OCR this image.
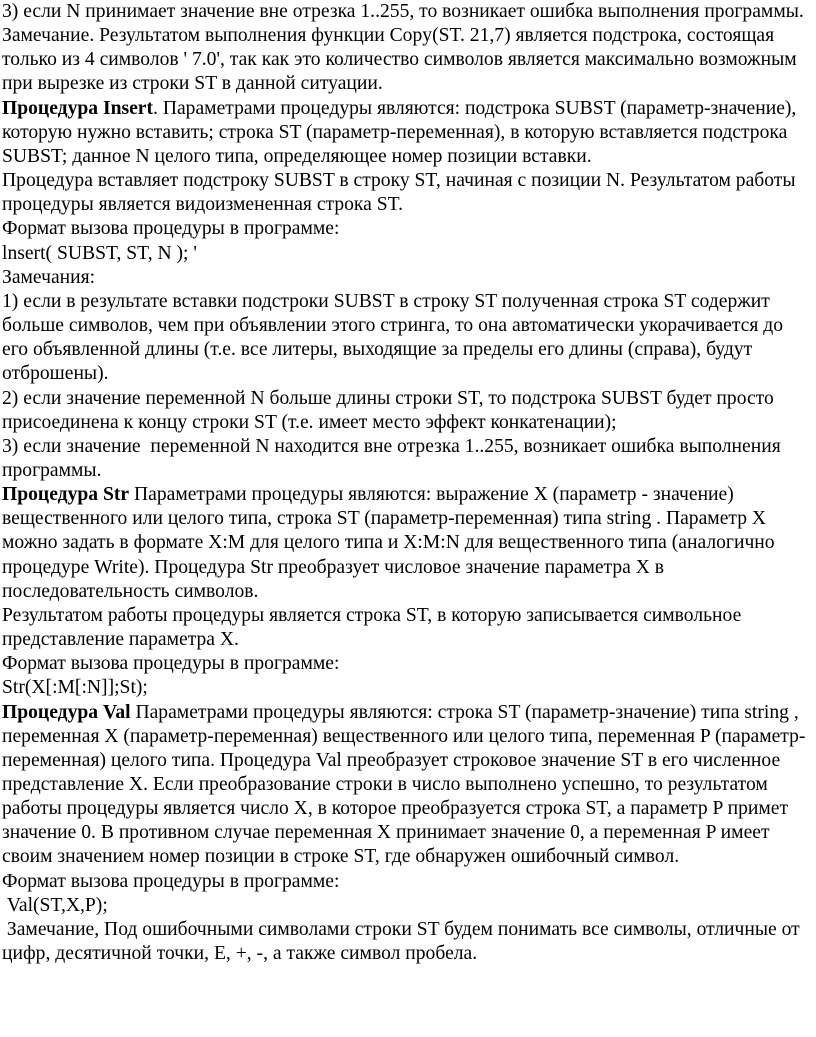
3) если N принимает значение вне отрезка 1..255, то возникает ошибка выполнения программы.

Замечание. Результатом выполнения функции Copy(ST. 21,7) является подстрока, состоящая только из 4 символов ' 7.0', так как это количество символов является максимально возможным при вырезке из строки ST в данной ситуации.

Процедура Insert. Параметрами процедуры являются: подстрока SUBST (параметр-значение), которую нужно вставить; строка ST (параметр-переменная), в которую вставляется подстрока SUBST; данное N целого типа, определяющее номер позиции вставки.

Процедура вставляет подстроку SUBST в строку ST, начиная с позиции N. Результатом работы процедуры является видоизмененная строка ST.

Формат вызова процедуры в программе:

lnsert( SUBST, ST, N ); '

Замечания:

1) если в результате вставки подстроки SUBST в строку ST полученная строка ST содержит больше символов, чем при объявлении этого стринга, то она автоматически укорачивается до его объявленной длины (т.е. все литеры, выходящие за пределы его длины (справа), будут отброшены).

2) если значение переменной N больше длины строки ST, то подстрока SUBST будет просто присоединена к концу строки ST (т.е. имеет место эффект конкатенации);

3) если значение  переменной N находится вне отрезка 1..255, возникает ошибка выполнения программы.

Процедура Str Параметрами процедуры являются: выражение X (параметр - значение) вещественного или целого типа, строка ST (параметр-переменная) типа string . Параметр X можно задать в формате X:M для целого типа и X:M:N для вещественного типа (аналогично процедуре Write). Процедура Str преобразует числовое значение параметра X в последовательность символов.

Результатом работы процедуры является строка ST, в которую записывается символьное представление параметра X.

Формат вызова процедуры в программе:

Str(X[:M[:N]];St);

Процедура Val Параметрами процедуры являются: строка ST (параметр-значение) типа string , переменная X (параметр-переменная) вещественного или целого типа, переменная P (параметр-переменная) целого типа. Процедура Val преобразует строковое значение ST в его численное представление X. Если преобразование строки в число выполнено успешно, то результатом работы процедуры является число X, в которое преобразуется строка ST, а параметр P примет значение 0. В противном случае переменная X принимает значение 0, а переменная P имеет своим значением номер позиции в строке ST, где обнаружен ошибочный символ.

Формат вызова процедуры в программе:

Val(ST,X,P);

Замечание, Под ошибочными символами строки ST будем понимать все символы, отличные от цифр, десятичной точки, E, +, -, а также символ пробела.
